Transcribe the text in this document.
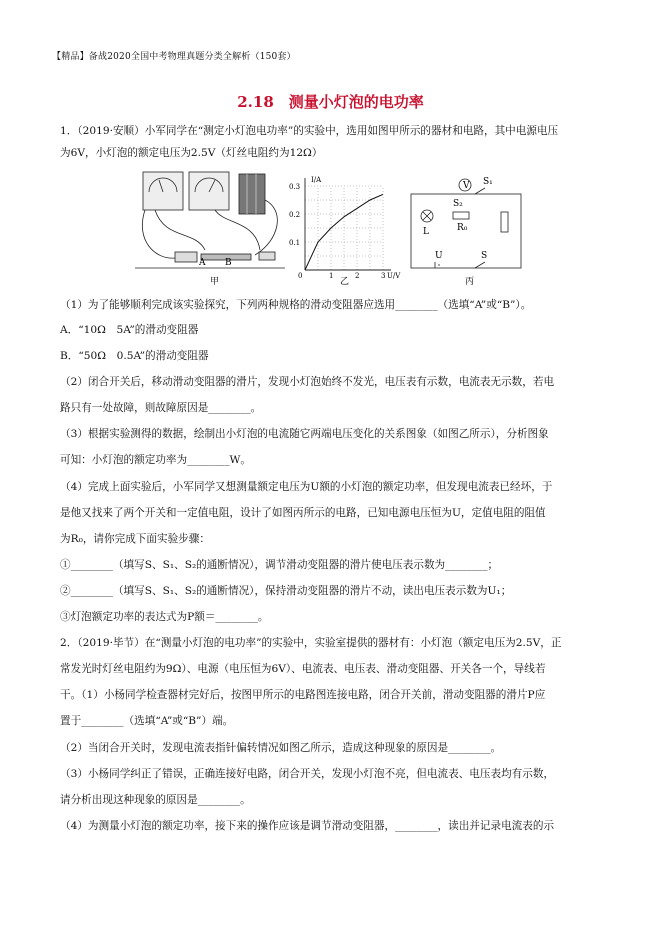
【精品】备战2020全国中考物理真题分类全解析（150套）
2.18　测量小灯泡的电功率
1．（2019·安顺）小军同学在“测定小灯泡电功率”的实验中，选用如图甲所示的器材和电路，其中电源电压
为6V，小灯泡的额定电压为2.5V（灯丝电阻约为12Ω）
（1）为了能够顺利完成该实验探究，下列两种规格的滑动变阻器应选用________（选填“A”或“B”）。
A．“10Ω　5A”的滑动变阻器
B．“50Ω　0.5A”的滑动变阻器
（2）闭合开关后，移动滑动变阻器的滑片，发现小灯泡始终不发光，电压表有示数，电流表无示数，若电
路只有一处故障，则故障原因是________。
（3）根据实验测得的数据，绘制出小灯泡的电流随它两端电压变化的关系图象（如图乙所示），分析图象
可知：小灯泡的额定功率为________W。
（4）完成上面实验后，小军同学又想测量额定电压为U额的小灯泡的额定功率，但发现电流表已经坏，于
是他又找来了两个开关和一定值电阻，设计了如图丙所示的电路，已知电源电压恒为U，定值电阻的阻值
为R₀，请你完成下面实验步骤：
①________（填写S、S₁、S₂的通断情况），调节滑动变阻器的滑片使电压表示数为________；
②________（填写S、S₁、S₂的通断情况），保持滑动变阻器的滑片不动，读出电压表示数为U₁；
③灯泡额定功率的表达式为P额＝________。
2．（2019·毕节）在“测量小灯泡的电功率”的实验中，实验室提供的器材有：小灯泡（额定电压为2.5V，正
常发光时灯丝电阻约为9Ω）、电源（电压恒为6V）、电流表、电压表、滑动变阻器、开关各一个，导线若
干。（1）小杨同学检查器材完好后，按图甲所示的电路图连接电路，闭合开关前，滑动变阻器的滑片P应
置于________（选填“A”或“B”）端。
（2）当闭合开关时，发现电流表指针偏转情况如图乙所示，造成这种现象的原因是________。
（3）小杨同学纠正了错误，正确连接好电路，闭合开关，发现小灯泡不亮，但电流表、电压表均有示数，
请分析出现这种现象的原因是________。
（4）为测量小灯泡的额定功率，接下来的操作应该是调节滑动变阻器，________，读出并记录电流表的示
甲
A B
I/A
U/V
0	1	2	3
0.1
0.2
0.3
乙
V
S₂
S₁
R₀
L
U	S
丙
